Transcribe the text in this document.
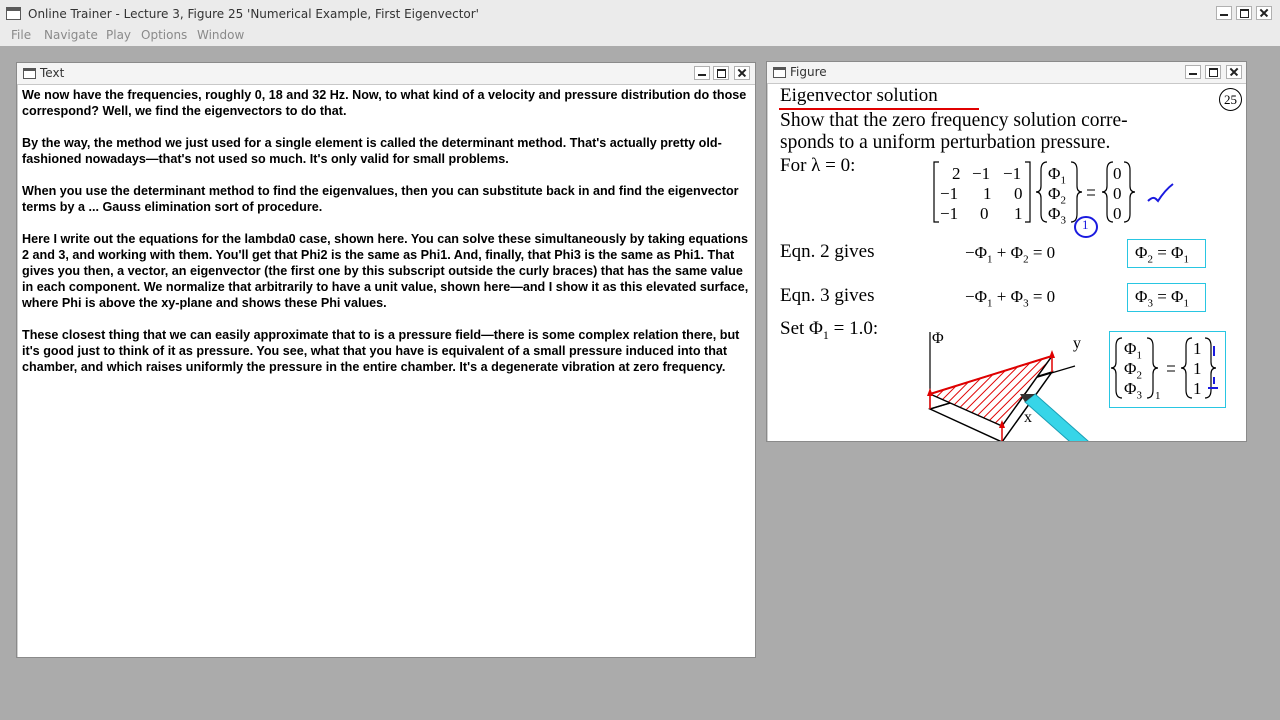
Online Trainer - Lecture 3, Figure 25 'Numerical Example, First Eigenvector'
File Navigate Play Options Window
Text

We now have the frequencies, roughly 0, 18 and 32 Hz. Now, to what kind of a velocity and pressure distribution do those correspond? Well, we find the eigenvectors to do that.

By the way, the method we just used for a single element is called the determinant method. That's actually pretty old-fashioned nowadays—that's not used so much. It's only valid for small problems.

When you use the determinant method to find the eigenvalues, then you can substitute back in and find the eigenvector terms by a ... Gauss elimination sort of procedure.

Here I write out the equations for the lambda0 case, shown here. You can solve these simultaneously by taking equations 2 and 3, and working with them. You'll get that Phi2 is the same as Phi1. And, finally, that Phi3 is the same as Phi1. That gives you then, a vector, an eigenvector (the first one by this subscript outside the curly braces) that has the same value in each component. We normalize that arbitrarily to have a unit value, shown here—and I show it as this elevated surface, where Phi is above the xy-plane and shows these Phi values.

These closest thing that we can easily approximate that to is a pressure field—there is some complex relation there, but it's good just to think of it as pressure. You see, what that you have is equivalent of a small pressure induced into that chamber, and which raises uniformly the pressure in the entire chamber. It's a degenerate vibration at zero frequency.

Figure
Eigenvector solution	25
Show that the zero frequency solution corre-
sponds to a uniform perturbation pressure.
For λ = 0:	2 −1 −1
−1 1 0
−1 0 1
$\Phi_1$
$\Phi_2$
$\Phi_3$
0
0
0
1
Eqn. 2 gives	$-\Phi_1 + \Phi_2 = 0$	$\Phi_2 = \Phi_1$
Eqn. 3 gives	$-\Phi_1 + \Phi_3 = 0$	$\Phi_3 = \Phi_1$
Set $\Phi_1 = 1.0$:	Φ	y
x
$\Phi_1$
$\Phi_2$
$\Phi_3$ 1
1
1
1
